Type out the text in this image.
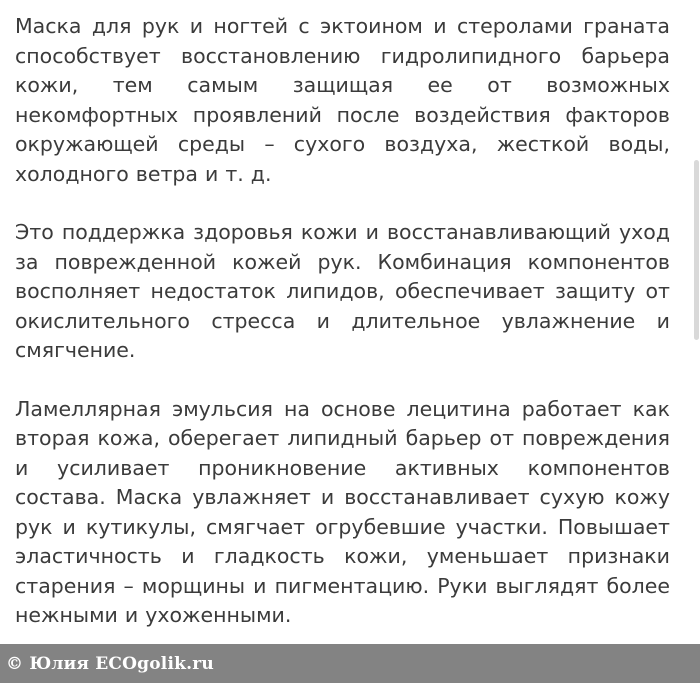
Маска для рук и ногтей с эктоином и стеролами граната способствует восстановлению гидролипидного барьера кожи, тем самым защищая ее от возможных некомфортных проявлений после воздействия факторов окружающей среды – сухого воздуха, жесткой воды, холодного ветра и т. д.

Это поддержка здоровья кожи и восстанавливающий уход за поврежденной кожей рук. Комбинация компонентов восполняет недостаток липидов, обеспечивает защиту от окислительного стресса и длительное увлажнение и смягчение.

Ламеллярная эмульсия на основе лецитина работает как вторая кожа, оберегает липидный барьер от повреждения и усиливает проникновение активных компонентов состава. Маска увлажняет и восстанавливает сухую кожу рук и кутикулы, смягчает огрубевшие участки. Повышает эластичность и гладкость кожи, уменьшает признаки старения – морщины и пигментацию. Руки выглядят более нежными и ухоженными.

© Юлия ECOgolik.ru
